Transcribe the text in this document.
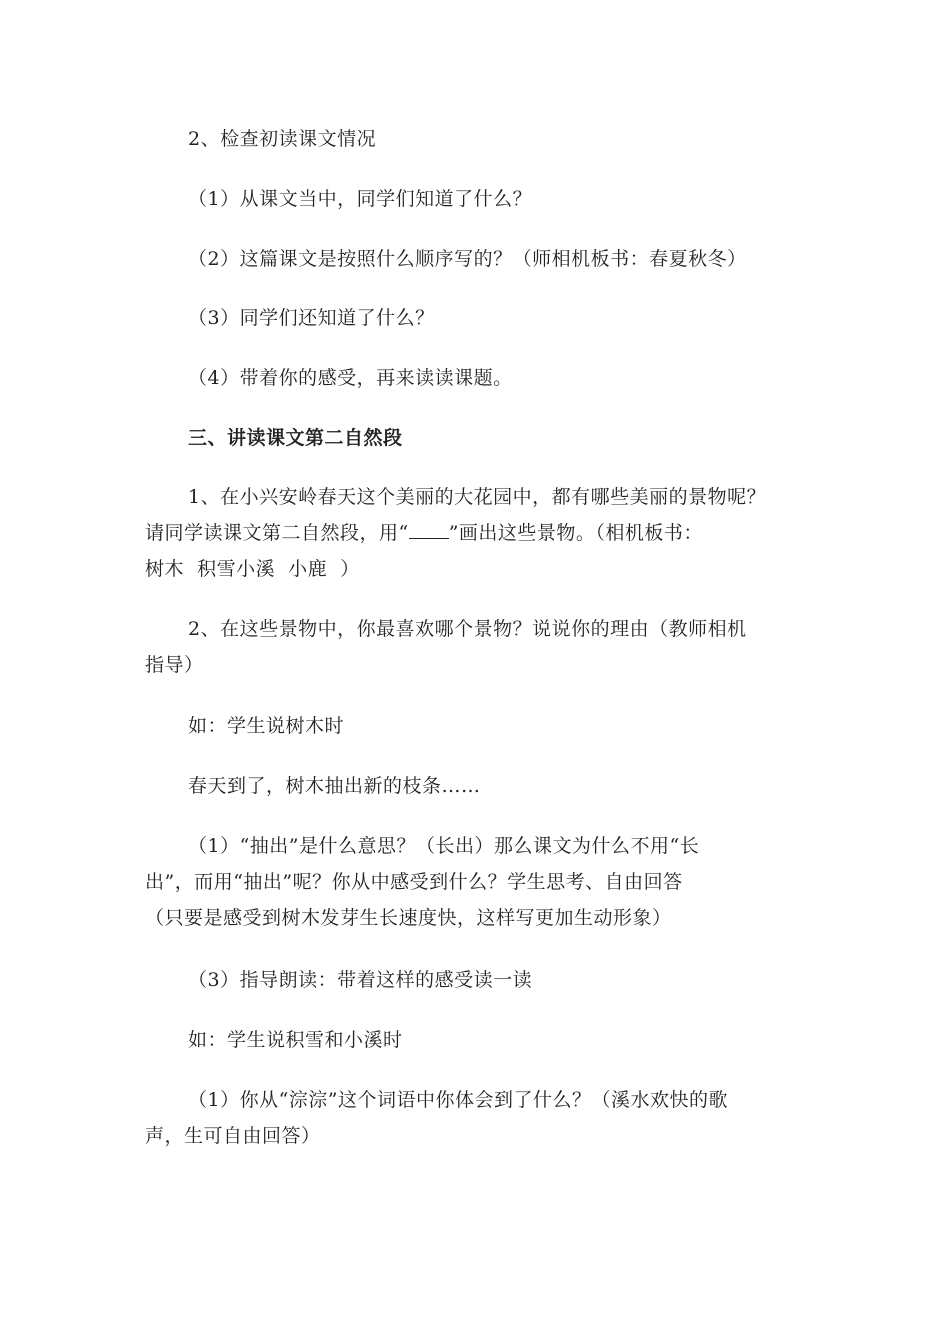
2、检查初读课文情况
（1）从课文当中，同学们知道了什么？
（2）这篇课文是按照什么顺序写的？（师相机板书：春夏秋冬）
（3）同学们还知道了什么？
（4）带着你的感受，再来读读课题。
三、讲读课文第二自然段
1、在小兴安岭春天这个美丽的大花园中，都有哪些美丽的景物呢？
请同学读课文第二自然段，用“ ”画出这些景物。（相机板书：
树木  积雪小溪  小鹿  ）
2、在这些景物中，你最喜欢哪个景物？说说你的理由（教师相机
指导）
如：学生说树木时
春天到了，树木抽出新的枝条……
（1）“抽出”是什么意思？（长出）那么课文为什么不用“长
出”，而用“抽出”呢？你从中感受到什么？学生思考、自由回答
（只要是感受到树木发芽生长速度快，这样写更加生动形象）
（3）指导朗读：带着这样的感受读一读
如：学生说积雪和小溪时
（1）你从“淙淙”这个词语中你体会到了什么？（溪水欢快的歌
声，生可自由回答）
